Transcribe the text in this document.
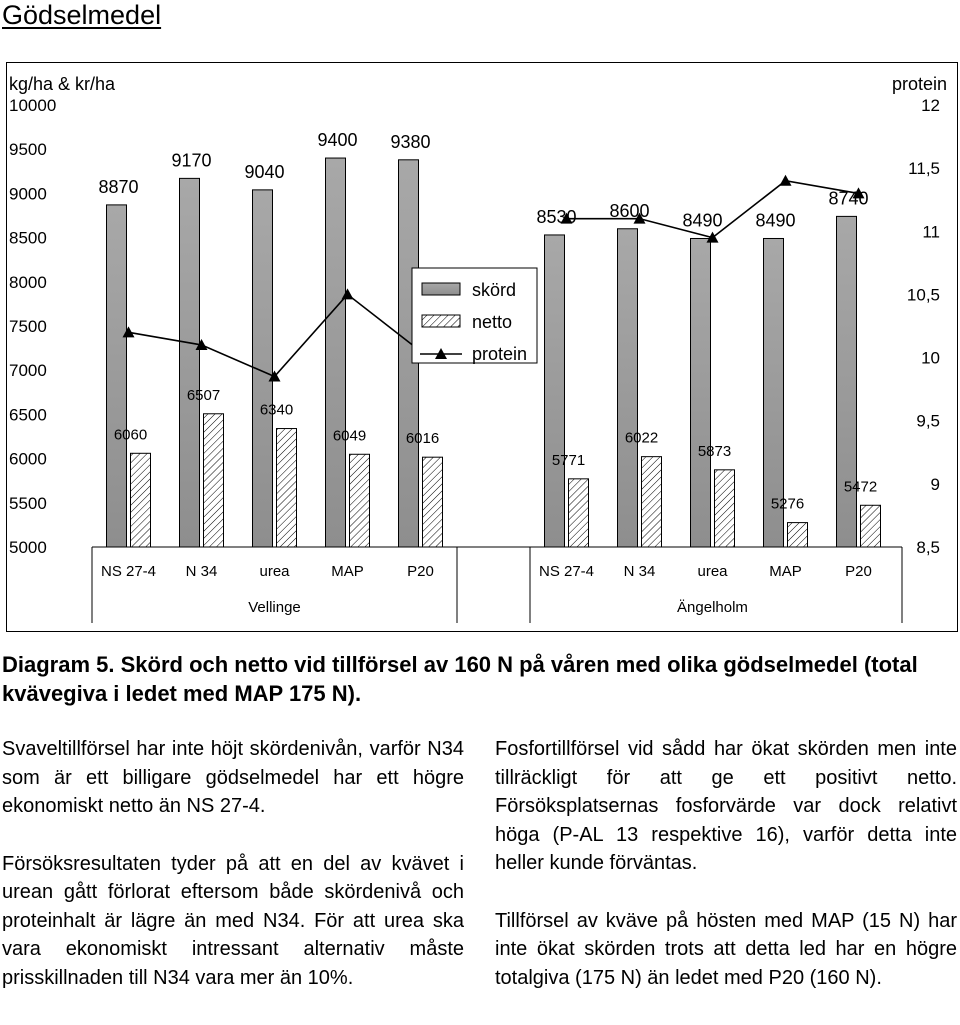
Gödselmedel
kg/ha & kr/ha	protein
5000
5500
6000
6500
7000
7500
8000
8500
9000
9500
10000
8,5
9
9,5
10
10,5
11
11,5
12
NS 27-4 N 34	urea	MAP	P20
Vellinge
NS 27-4 N 34	urea	MAP	P20
Ängelholm
8870
6060
9170
6507
9040
6340
9400
6049
9380
6016
8530
5771
8600
6022
8490
5873
8490
5276
8740
5472
skörd
netto
protein
Diagram 5. Skörd och netto vid tillförsel av 160 N på våren med olika gödselmedel (total kvävegiva i ledet med MAP 175 N).

Svaveltillförsel har inte höjt skördenivån, varför N34 som är ett billigare gödselmedel har ett högre ekonomiskt netto än NS 27-4.

Försöksresultaten tyder på att en del av kvävet i urean gått förlorat eftersom både skördenivå och proteinhalt är lägre än med N34. För att urea ska vara ekonomiskt intressant alternativ måste prisskillnaden till N34 vara mer än 10%.

Fosfortillförsel vid sådd har ökat skörden men inte tillräckligt för att ge ett positivt netto. Försöksplatsernas fosforvärde var dock relativt höga (P-AL 13 respektive 16), varför detta inte heller kunde förväntas.

Tillförsel av kväve på hösten med MAP (15 N) har inte ökat skörden trots att detta led har en högre totalgiva (175 N) än ledet med P20 (160 N).
